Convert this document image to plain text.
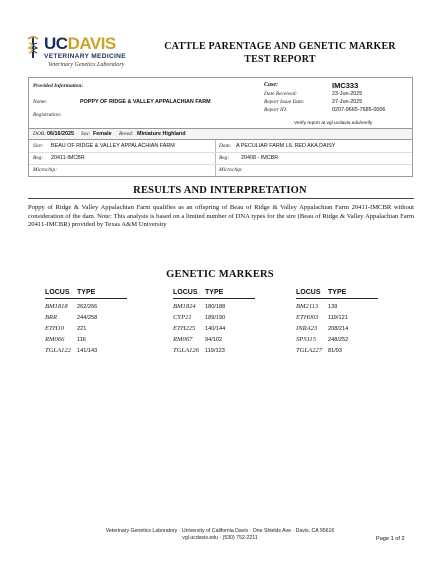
UCDAVIS
VETERINARY MEDICINE
Veterinary Genetics Laboratory
CATTLE PARENTAGE AND GENETIC MARKER
TEST REPORT
Provided Information:
Name:	POPPY OF RIDGE & VALLEY APPALACHIAN FARM
Registration:
Case:	IMC333
Date Received:	23-Jun-2025
Report Issue Date:	27-Jun-2025
Report ID:	0207-9665-7685-0006
Verify report at vgl.ucdavis.edu/verify
DOB: 06/16/2025 Sex: Female Breed: Miniature Highland
Sire: BEAU OF RIDGE & VALLEY APPALACHIAN FARM
Reg: 20411-IMCBR
Microchip:
Dam: A PECULIAR FARM LIL RED AKA DAISY
Reg: 20408 - IMCBR
Microchip:
RESULTS AND INTERPRETATION
Poppy of Ridge & Valley Appalachian Farm qualifies as an offspring of Beau of Ridge & Valley Appalachian Farm 20411-IMCBR without consideration of the dam. Note: This analysis is based on a limited number of DNA types for the sire (Beau of Ridge & Valley Appalachian Farm 20411-IMCBR) provided by Texas A&M University
GENETIC MARKERS
LOCUS TYPE
BM1818 262/266
BRR	244/258
ETH10 221
RM066 116
TGLA122 141/143
LOCUS TYPE
BM1824 180/188
CYP21 189/190
ETH225 140/144
RM067 94/102
TGLA126 119/123
LOCUS TYPE
BM2113 139
ETH003 119/121
INRA23 208/214
SPS115 248/252
TGLA227 81/93
Veterinary Genetics Laboratory · University of California Davis · One Shields Ave · Davis, CA 95616
vgl.ucdavis.edu · (530) 752-2211	Page 1 of 2
